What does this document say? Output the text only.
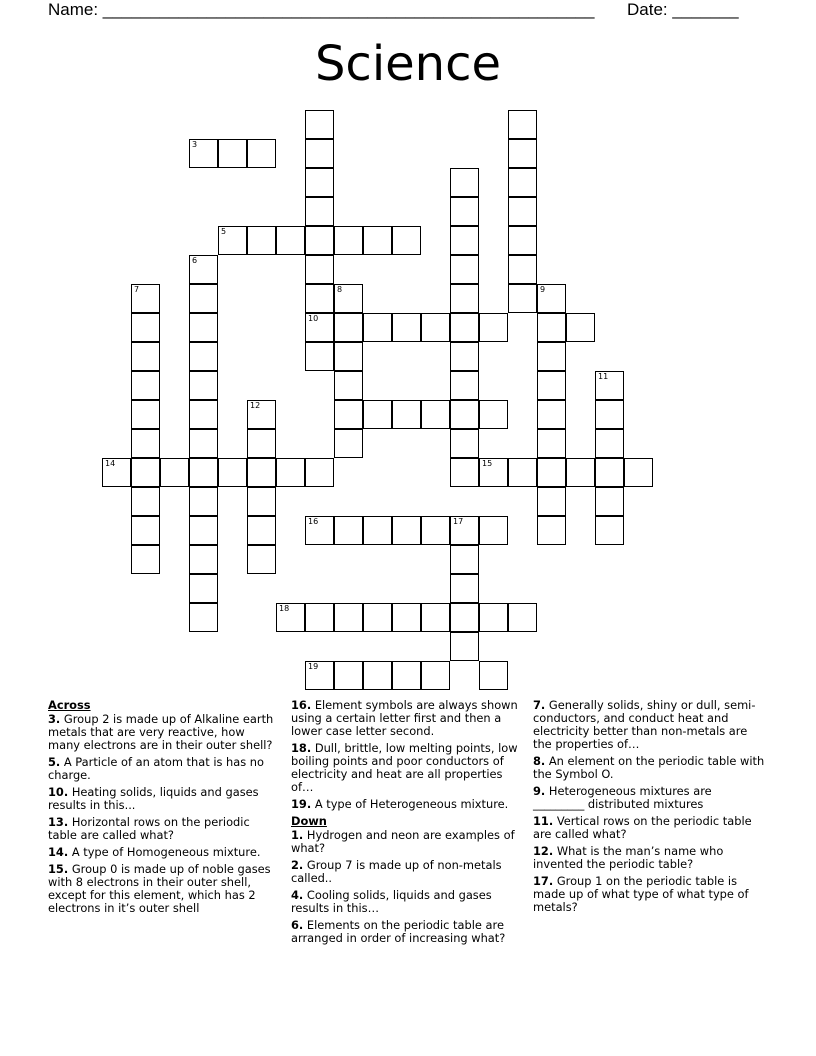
Name: ____________________________________________________ Date: _______
Science
10
3
5
6
7	8	9
11
12
14	15
16	17
18
19
Across
3. Group 2 is made up of Alkaline earth metals that are very reactive, how many electrons are in their outer shell?
5. A Particle of an atom that is has no charge.
10. Heating solids, liquids and gases results in this...
13. Horizontal rows on the periodic table are called what?
14. A type of Homogeneous mixture.
15. Group 0 is made up of noble gases with 8 electrons in their outer shell, except for this element, which has 2 electrons in it’s outer shell
16. Element symbols are always shown using a certain letter first and then a lower case letter second.
18. Dull, brittle, low melting points, low boiling points and poor conductors of electricity and heat are all properties of…
19. A type of Heterogeneous mixture.
Down
1. Hydrogen and neon are examples of what?
2. Group 7 is made up of non-metals called..
4. Cooling solids, liquids and gases results in this…
6. Elements on the periodic table are arranged in order of increasing what?
7. Generally solids, shiny or dull, semi-conductors, and conduct heat and electricity better than non-metals are the properties of…
8. An element on the periodic table with the Symbol O.
9. Heterogeneous mixtures are _________ distributed mixtures
11. Vertical rows on the periodic table are called what?
12. What is the man’s name who invented the periodic table?
17. Group 1 on the periodic table is made up of what type of what type of metals?
